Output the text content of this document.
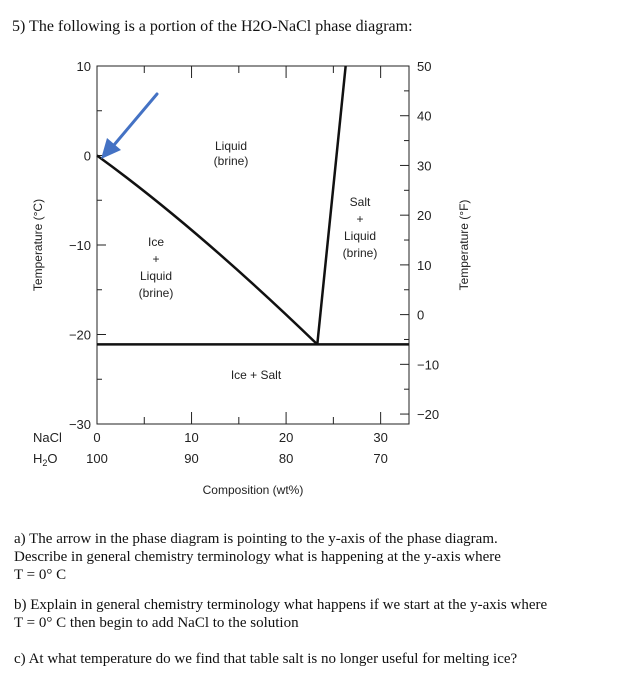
5) The following is a portion of the H2O-NaCl phase diagram:
10
0
−10
−20
−30
50
40
30
20
10
0
−10
−20
NaCl 0	10	20	30
$H_2O$ 100	90	80	70
Temperature (°C)	Temperature (°F)
Composition (wt%)
Liquid
(brine)
Ice
+
Liquid
(brine)
Salt
+
Liquid
(brine)
Ice + Salt
a) The arrow in the phase diagram is pointing to the y-axis of the phase diagram.
Describe in general chemistry terminology what is happening at the y-axis where
T = 0° C
b) Explain in general chemistry terminology what happens if we start at the y-axis where
T = 0° C then begin to add NaCl to the solution
c) At what temperature do we find that table salt is no longer useful for melting ice?
